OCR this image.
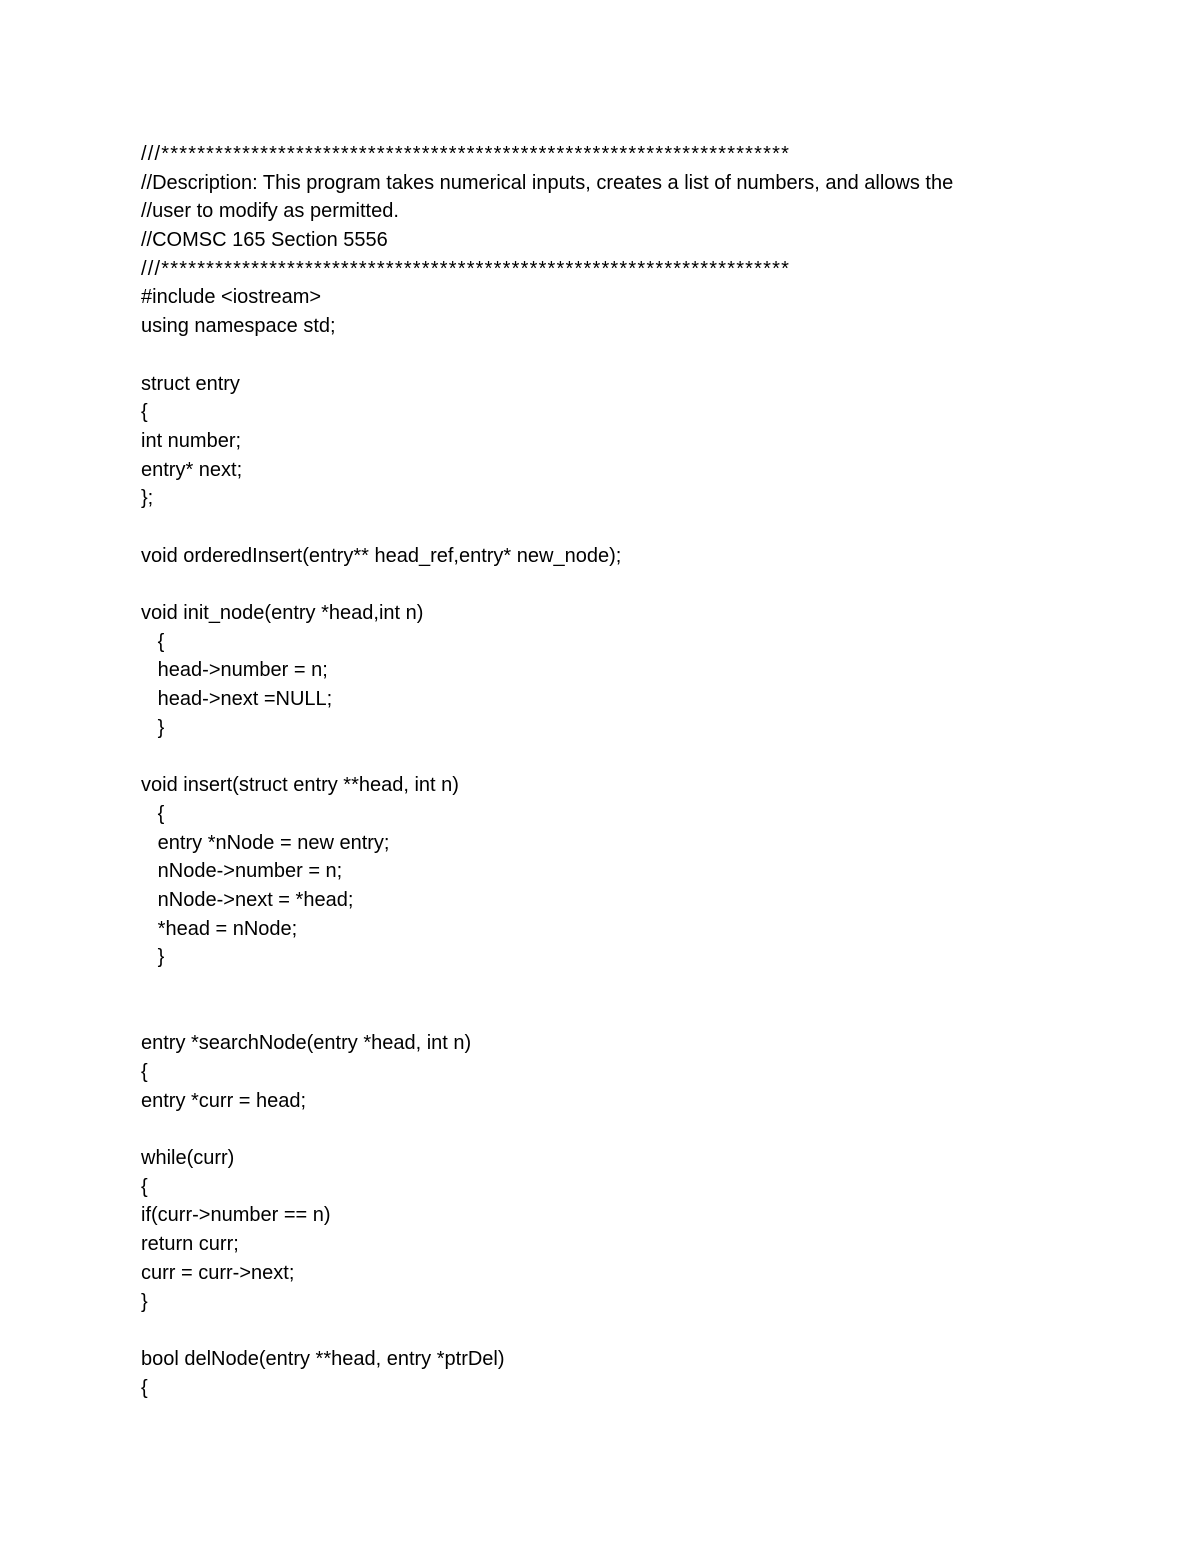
///**********************************************************************
//Description: This program takes numerical inputs, creates a list of numbers, and allows the
//user to modify as permitted.
//COMSC 165 Section 5556
///**********************************************************************
#include <iostream>
using namespace std;
struct entry
{
int number;
entry* next;
};
void orderedInsert(entry** head_ref,entry* new_node);
void init_node(entry *head,int n)
{
head->number = n;
head->next =NULL;
}
void insert(struct entry **head, int n)
{
entry *nNode = new entry;
nNode->number = n;
nNode->next = *head;
*head = nNode;
}
entry *searchNode(entry *head, int n)
{
entry *curr = head;
while(curr)
{
if(curr->number == n)
return curr;
curr = curr->next;
}
bool delNode(entry **head, entry *ptrDel)
{
